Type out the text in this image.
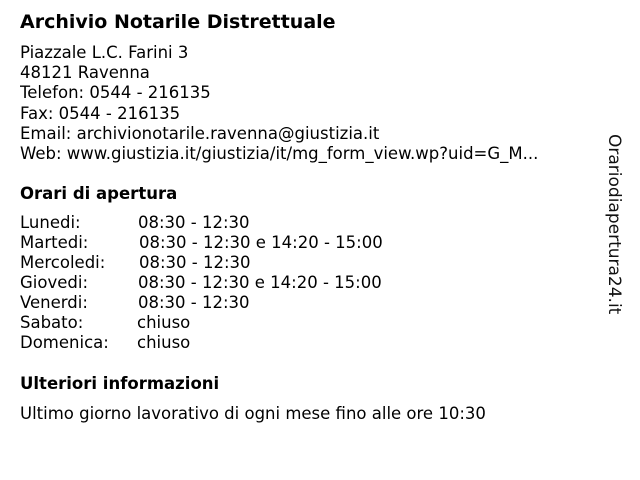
Archivio Notarile Distrettuale
Piazzale L.C. Farini 3
48121 Ravenna
Telefon: 0544 - 216135
Fax: 0544 - 216135
Email: archivionotarile.ravenna@giustizia.it
Web: www.giustizia.it/giustizia/it/mg_form_view.wp?uid=G_M...
Orari di apertura
Lunedi:	08:30 - 12:30
Martedi:	08:30 - 12:30 e 14:20 - 15:00
Mercoledi: 08:30 - 12:30
Giovedi:	08:30 - 12:30 e 14:20 - 15:00
Venerdi:	08:30 - 12:30
Sabato:	chiuso
Domenica: chiuso
Ulteriori informazioni
Ultimo giorno lavorativo di ogni mese fino alle ore 10:30
Orariodiapertura24.it
